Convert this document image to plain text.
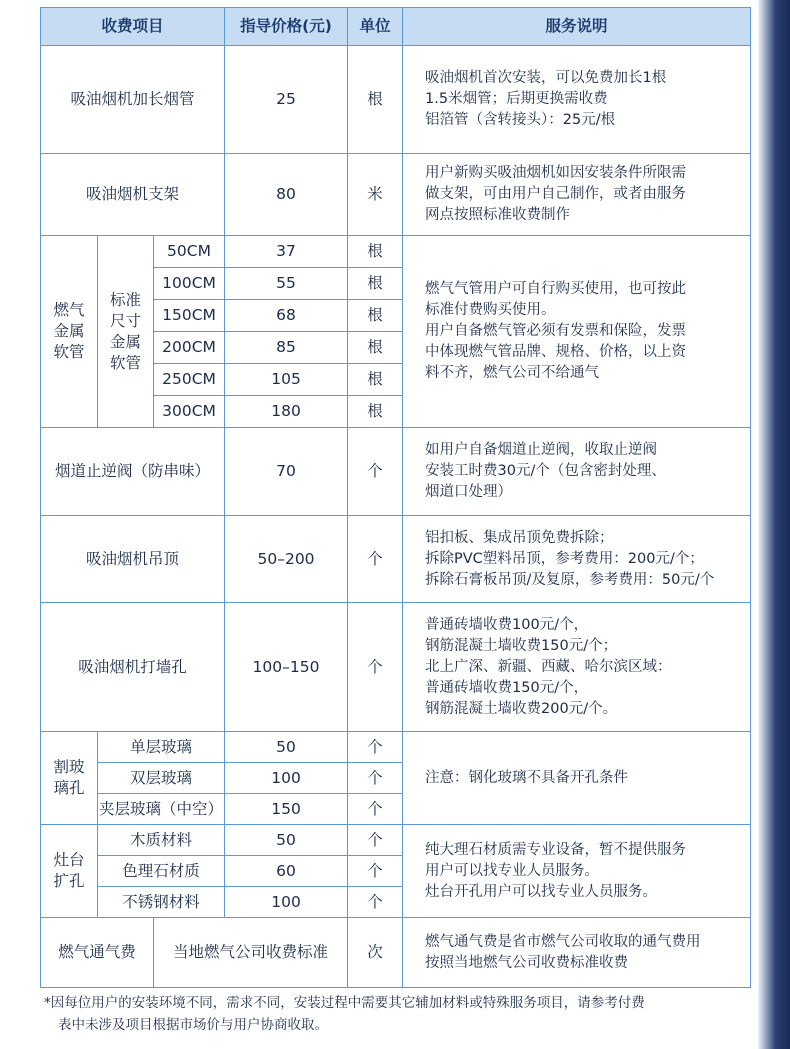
收费项目			指导价格(元)	单位	服务说明
吸油烟机加长烟管			25	根	吸油烟机首次安装，可以免费加长1根
1.5米烟管；后期更换需收费
铝箔管（含转接头）：25元/根

吸油烟机支架			80	米	用户新购买吸油烟机如因安装条件所限需
做支架，可由用户自己制作，或者由服务
网点按照标准收费制作

燃气
金属
软管	标准
尺寸
金属
软管	50CM	37	根	燃气气管用户可自行购买使用，也可按此
标准付费购买使用。
用户自备燃气管必须有发票和保险，发票
中体现燃气管品牌、规格、价格，以上资
料不齐，燃气公司不给通气

		100CM	55	根	
		150CM	68	根	
		200CM	85	根	
		250CM	105	根	
		300CM	180	根	
烟道止逆阀（防串味）			70	个	如用户自备烟道止逆阀，收取止逆阀
安装工时费30元/个（包含密封处理、
烟道口处理）

吸油烟机吊顶			50–200	个	铝扣板、集成吊顶免费拆除；
拆除PVC塑料吊顶，参考费用：200元/个；
拆除石膏板吊顶/及复原，参考费用：50元/个

吸油烟机打墙孔			100–150	个	普通砖墙收费100元/个，
钢筋混凝土墙收费150元/个；
北上广深、新疆、西藏、哈尔滨区域：
普通砖墙收费150元/个，
钢筋混凝土墙收费200元/个。

割玻
璃孔	单层玻璃		50	个	注意：钢化玻璃不具备开孔条件

	双层玻璃		100	个	
	夹层玻璃（中空）		150	个	

灶台
扩孔	木质材料		50	个	纯大理石材质需专业设备，暂不提供服务
用户可以找专业人员服务。
灶台开孔用户可以找专业人员服务。

	色理石材质		60	个	
	不锈钢材料		100	个	
燃气通气费		当地燃气公司收费标准		次	燃气通气费是省市燃气公司收取的通气费用
按照当地燃气公司收费标准收费
*因每位用户的安装环境不同，需求不同，安装过程中需要其它辅加材料或特殊服务项目，请参考付费
表中未涉及项目根据市场价与用户协商收取。
